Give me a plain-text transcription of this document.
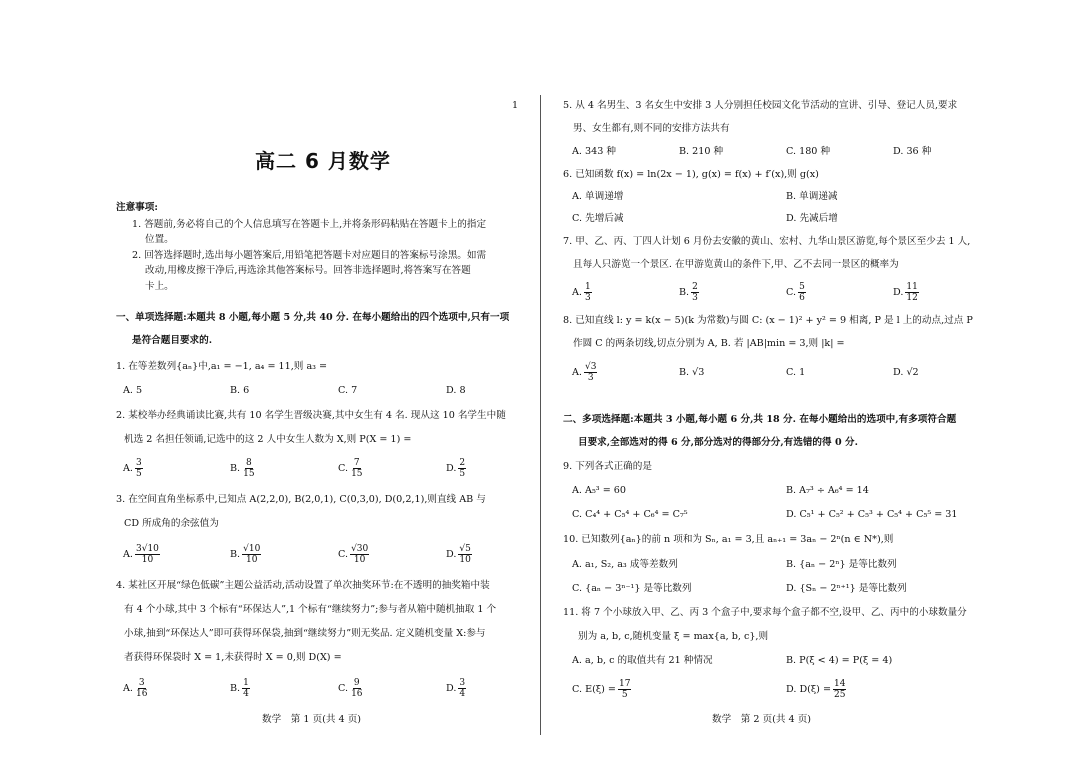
1
高二 6 月数学
注意事项:
1. 答题前,务必将自己的个人信息填写在答题卡上,并将条形码粘贴在答题卡上的指定
位置。
2. 回答选择题时,选出每小题答案后,用铅笔把答题卡对应题目的答案标号涂黑。如需
改动,用橡皮擦干净后,再选涂其他答案标号。回答非选择题时,将答案写在答题
卡上。
一、单项选择题:本题共 8 小题,每小题 5 分,共 40 分. 在每小题给出的四个选项中,只有一项
是符合题目要求的.
1. 在等差数列{aₙ}中,a₁ = −1, a₄ = 11,则 a₃ =
A. 5	B. 6	C. 7	D. 8
2. 某校举办经典诵读比赛,共有 10 名学生晋级决赛,其中女生有 4 名. 现从这 10 名学生中随
机选 2 名担任领诵,记选中的这 2 人中女生人数为 X,则 P(X = 1) =
A. $\frac{3}{5}$	B. $\frac{8}{15}$	C. $\frac{7}{15}$	D. $\frac{2}{5}$
3. 在空间直角坐标系中,已知点 A(2,2,0), B(2,0,1), C(0,3,0), D(0,2,1),则直线 AB 与
CD 所成角的余弦值为
A. $\frac{3√10}{10}$	B. $\frac{√10}{10}$	C. $\frac{√30}{10}$	D. $\frac{√5}{10}$
4. 某社区开展“绿色低碳”主题公益活动,活动设置了单次抽奖环节:在不透明的抽奖箱中装
有 4 个小球,其中 3 个标有“环保达人”,1 个标有“继续努力”;参与者从箱中随机抽取 1 个
小球,抽到“环保达人”即可获得环保袋,抽到“继续努力”则无奖品. 定义随机变量 X:参与
者获得环保袋时 X = 1,未获得时 X = 0,则 D(X) =
A. $\frac{3}{16}$	B. $\frac{1}{4}$	C. $\frac{9}{16}$	D. $\frac{3}{4}$
数学　第 1 页(共 4 页)
5. 从 4 名男生、3 名女生中安排 3 人分别担任校园文化节活动的宣讲、引导、登记人员,要求
男、女生都有,则不同的安排方法共有
A. 343 种	B. 210 种	C. 180 种	D. 36 种
6. 已知函数 f(x) = ln(2x − 1), g(x) = f(x) + f′(x),则 g(x)
A. 单调递增	B. 单调递减
C. 先增后减	D. 先减后增
7. 甲、乙、丙、丁四人计划 6 月份去安徽的黄山、宏村、九华山景区游览,每个景区至少去 1 人,
且每人只游览一个景区. 在甲游览黄山的条件下,甲、乙不去同一景区的概率为
A. $\frac{1}{3}$	B. $\frac{2}{3}$	C. $\frac{5}{6}$	D. $\frac{11}{12}$
8. 已知直线 l: y = k(x − 5)(k 为常数)与圆 C: (x − 1)² + y² = 9 相离, P 是 l 上的动点,过点 P
作圆 C 的两条切线,切点分别为 A, B. 若 |AB|min = 3,则 |k| =
A. $\frac{√3}{3}$	B. √3	C. 1	D. √2
二、多项选择题:本题共 3 小题,每小题 6 分,共 18 分. 在每小题给出的选项中,有多项符合题
目要求,全部选对的得 6 分,部分选对的得部分分,有选错的得 0 分.
9. 下列各式正确的是
A. A₅³ = 60	B. A₇³ ÷ A₆⁴ = 14
C. C₄⁴ + C₅⁴ + C₆⁴ = C₇⁵	D. C₅¹ + C₅² + C₅³ + C₅⁴ + C₅⁵ = 31
10. 已知数列{aₙ}的前 n 项和为 Sₙ, a₁ = 3,且 aₙ₊₁ = 3aₙ − 2ⁿ(n ∈ N*),则
A. a₁, S₂, a₃ 成等差数列	B. {aₙ − 2ⁿ} 是等比数列
C. {aₙ − 3ⁿ⁻¹} 是等比数列	D. {Sₙ − 2ⁿ⁺¹} 是等比数列
11. 将 7 个小球放入甲、乙、丙 3 个盒子中,要求每个盒子都不空,设甲、乙、丙中的小球数量分
别为 a, b, c,随机变量 ξ = max{a, b, c},则
A. a, b, c 的取值共有 21 种情况	B. P(ξ < 4) = P(ξ = 4)
C. $E(\xi) = \frac{17}{5}$	D. $D(\xi) = \frac{14}{25}$
数学　第 2 页(共 4 页)
